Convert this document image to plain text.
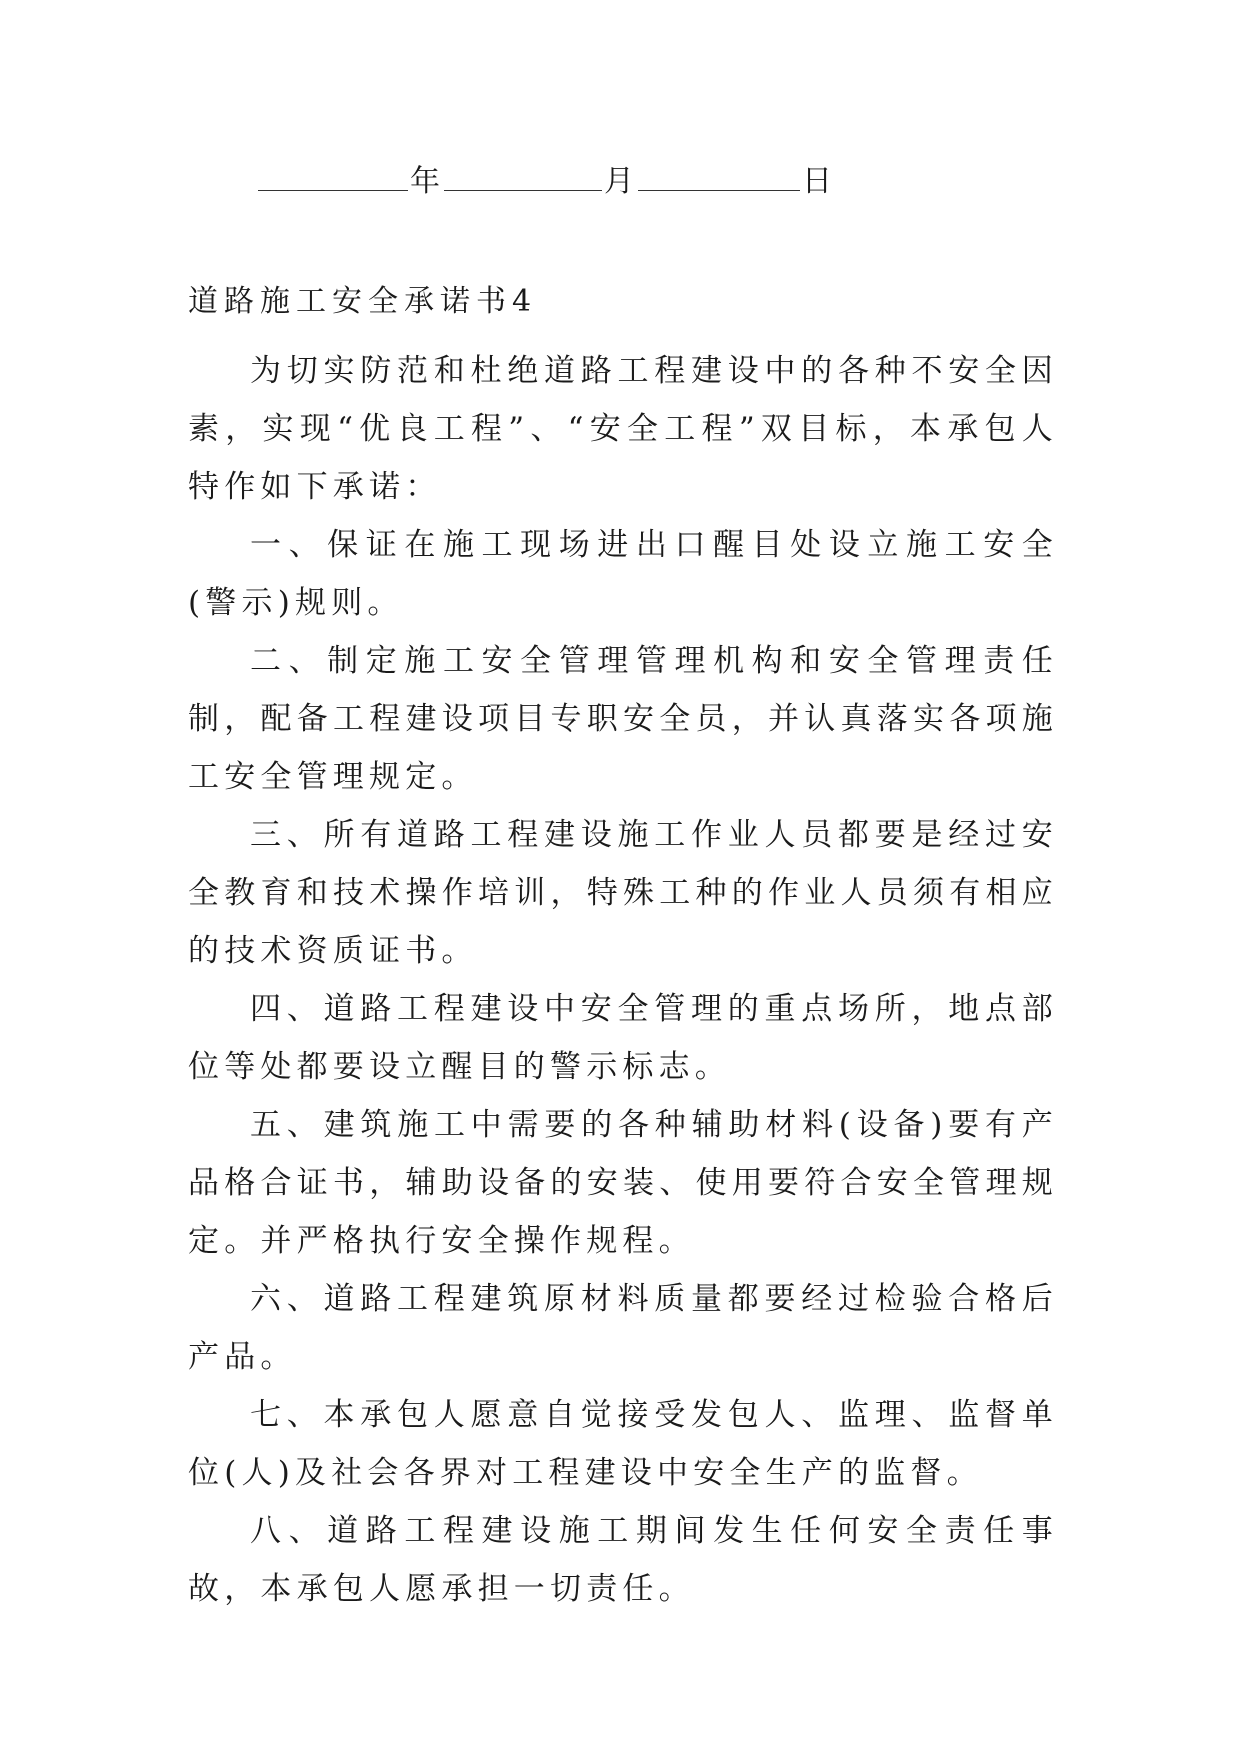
年	月	日
道路施工安全承诺书4

为切实防范和杜绝道路工程建设中的各种不安全因素，实现“优良工程”、“安全工程”双目标，本承包人特作如下承诺：

一、保证在施工现场进出口醒目处设立施工安全(警示)规则。

二、制定施工安全管理管理机构和安全管理责任制，配备工程建设项目专职安全员，并认真落实各项施工安全管理规定。

三、所有道路工程建设施工作业人员都要是经过安全教育和技术操作培训，特殊工种的作业人员须有相应的技术资质证书。

四、道路工程建设中安全管理的重点场所，地点部位等处都要设立醒目的警示标志。

五、建筑施工中需要的各种辅助材料(设备)要有产品格合证书，辅助设备的安装、使用要符合安全管理规定。并严格执行安全操作规程。

六、道路工程建筑原材料质量都要经过检验合格后产品。

七、本承包人愿意自觉接受发包人、监理、监督单位(人)及社会各界对工程建设中安全生产的监督。

八、道路工程建设施工期间发生任何安全责任事故，本承包人愿承担一切责任。
